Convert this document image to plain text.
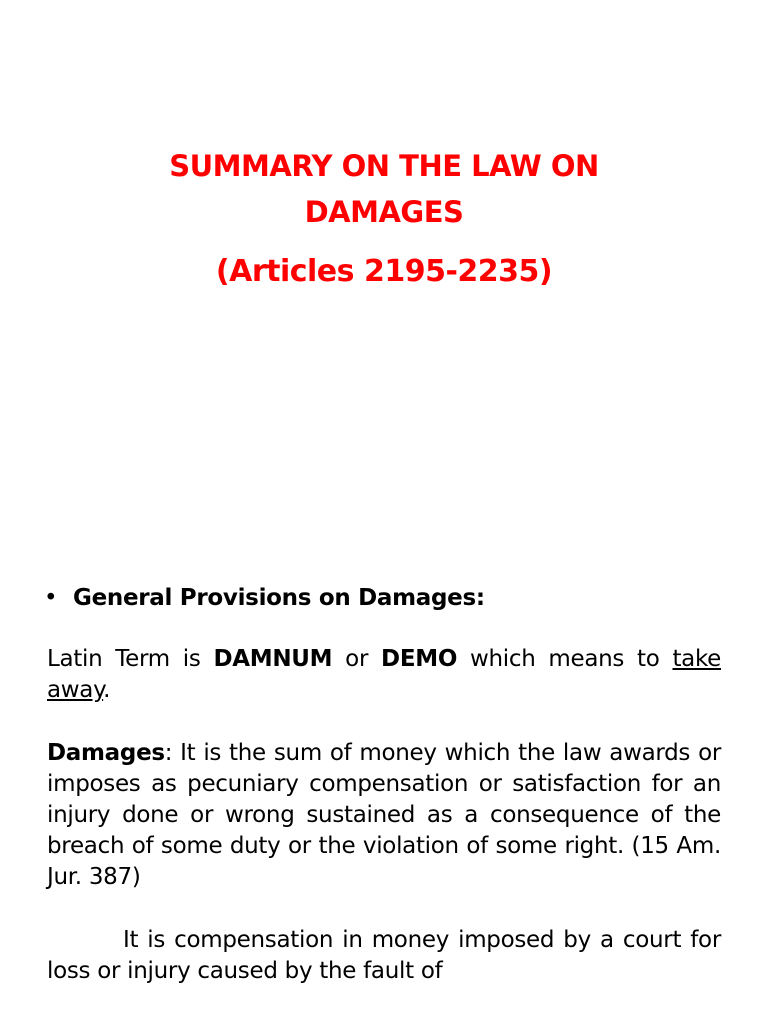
SUMMARY ON THE LAW ON
DAMAGES
(Articles 2195-2235)
• General Provisions on Damages:

Latin Term is DAMNUM or DEMO which means to take away.

Damages: It is the sum of money which the law awards or imposes as pecuniary compensation or satisfaction for an injury done or wrong sustained as a consequence of the breach of some duty or the violation of some right. (15 Am. Jur. 387)

It is compensation in money imposed by a court for loss or injury caused by the fault of
